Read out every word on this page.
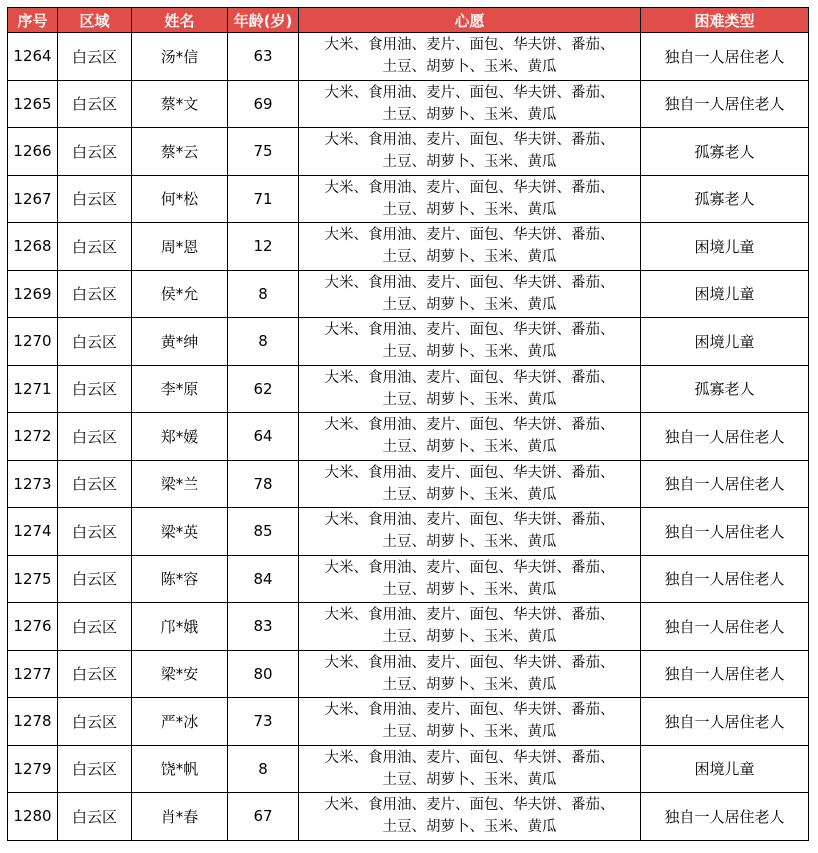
序号	区域	姓名	年龄(岁)	心愿	困难类型
1264	白云区	汤*信	63	大米、食用油、麦片、面包、华夫饼、番茄、
土豆、胡萝卜、玉米、黄瓜	独自一人居住老人
1265	白云区	蔡*文	69	大米、食用油、麦片、面包、华夫饼、番茄、
土豆、胡萝卜、玉米、黄瓜	独自一人居住老人
1266	白云区	蔡*云	75	大米、食用油、麦片、面包、华夫饼、番茄、
土豆、胡萝卜、玉米、黄瓜	孤寡老人
1267	白云区	何*松	71	大米、食用油、麦片、面包、华夫饼、番茄、
土豆、胡萝卜、玉米、黄瓜	孤寡老人
1268	白云区	周*恩	12	大米、食用油、麦片、面包、华夫饼、番茄、
土豆、胡萝卜、玉米、黄瓜	困境儿童
1269	白云区	侯*允	8	大米、食用油、麦片、面包、华夫饼、番茄、
土豆、胡萝卜、玉米、黄瓜	困境儿童
1270	白云区	黄*绅	8	大米、食用油、麦片、面包、华夫饼、番茄、
土豆、胡萝卜、玉米、黄瓜	困境儿童
1271	白云区	李*原	62	大米、食用油、麦片、面包、华夫饼、番茄、
土豆、胡萝卜、玉米、黄瓜	孤寡老人
1272	白云区	郑*媛	64	大米、食用油、麦片、面包、华夫饼、番茄、
土豆、胡萝卜、玉米、黄瓜	独自一人居住老人
1273	白云区	梁*兰	78	大米、食用油、麦片、面包、华夫饼、番茄、
土豆、胡萝卜、玉米、黄瓜	独自一人居住老人
1274	白云区	梁*英	85	大米、食用油、麦片、面包、华夫饼、番茄、
土豆、胡萝卜、玉米、黄瓜	独自一人居住老人
1275	白云区	陈*容	84	大米、食用油、麦片、面包、华夫饼、番茄、
土豆、胡萝卜、玉米、黄瓜	独自一人居住老人
1276	白云区	邝*娥	83	大米、食用油、麦片、面包、华夫饼、番茄、
土豆、胡萝卜、玉米、黄瓜	独自一人居住老人
1277	白云区	梁*安	80	大米、食用油、麦片、面包、华夫饼、番茄、
土豆、胡萝卜、玉米、黄瓜	独自一人居住老人
1278	白云区	严*冰	73	大米、食用油、麦片、面包、华夫饼、番茄、
土豆、胡萝卜、玉米、黄瓜	独自一人居住老人
1279	白云区	饶*帆	8	大米、食用油、麦片、面包、华夫饼、番茄、
土豆、胡萝卜、玉米、黄瓜	困境儿童
1280	白云区	肖*春	67	大米、食用油、麦片、面包、华夫饼、番茄、
土豆、胡萝卜、玉米、黄瓜	独自一人居住老人
